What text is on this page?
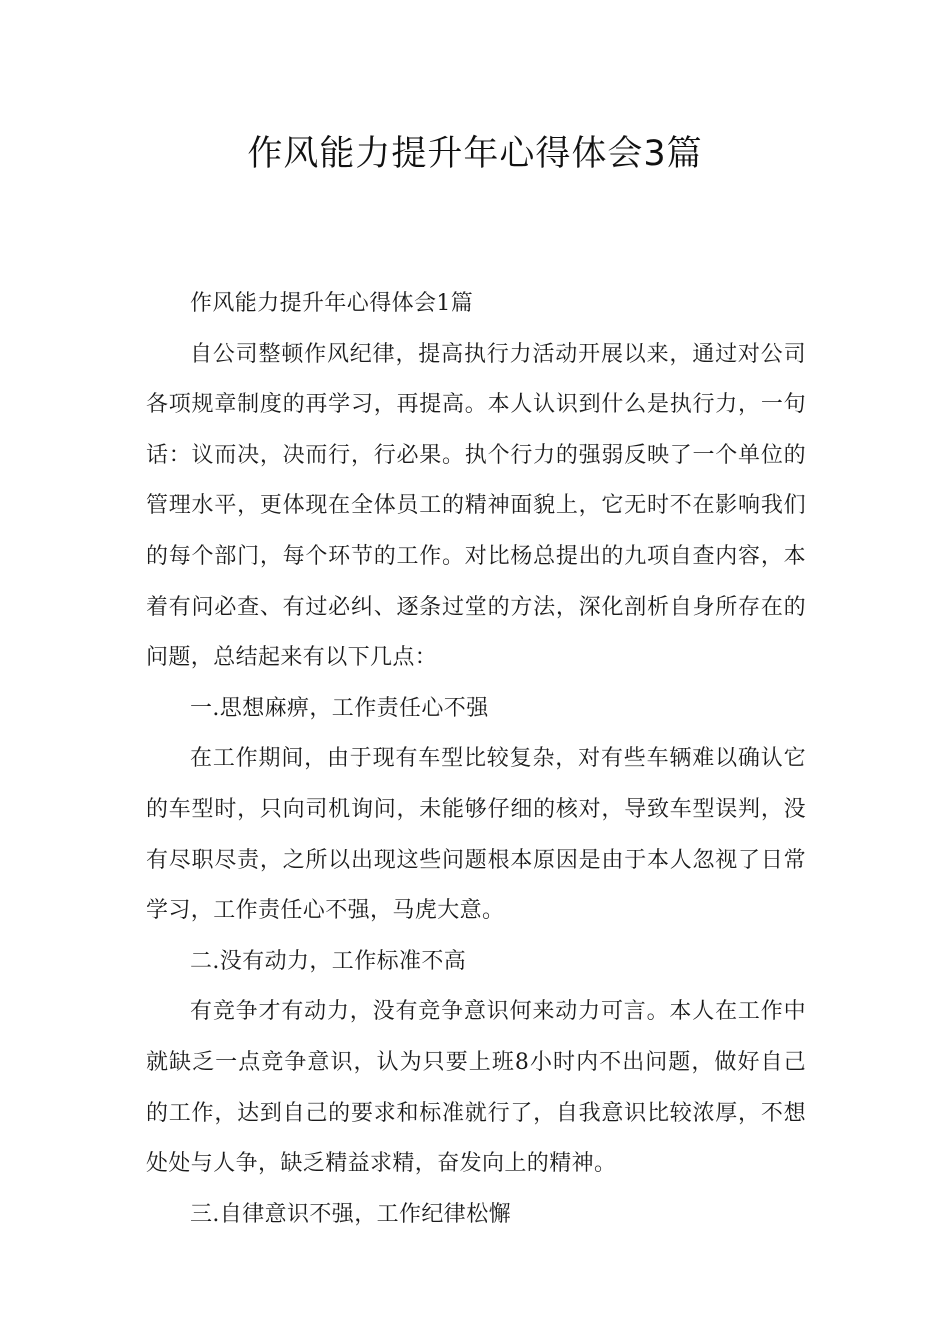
作风能力提升年心得体会3篇

作风能力提升年心得体会1篇

自公司整顿作风纪律，提高执行力活动开展以来，通过对公司各项规章制度的再学习，再提高。本人认识到什么是执行力，一句话：议而决，决而行，行必果。执个行力的强弱反映了一个单位的管理水平，更体现在全体员工的精神面貌上，它无时不在影响我们的每个部门，每个环节的工作。对比杨总提出的九项自查内容，本着有问必查、有过必纠、逐条过堂的方法，深化剖析自身所存在的问题，总结起来有以下几点：

一.思想麻痹，工作责任心不强

在工作期间，由于现有车型比较复杂，对有些车辆难以确认它的车型时，只向司机询问，未能够仔细的核对，导致车型误判，没有尽职尽责，之所以出现这些问题根本原因是由于本人忽视了日常学习，工作责任心不强，马虎大意。

二.没有动力，工作标准不高

有竞争才有动力，没有竞争意识何来动力可言。本人在工作中就缺乏一点竞争意识，认为只要上班8小时内不出问题，做好自己的工作，达到自己的要求和标准就行了，自我意识比较浓厚，不想处处与人争，缺乏精益求精，奋发向上的精神。

三.自律意识不强，工作纪律松懈
